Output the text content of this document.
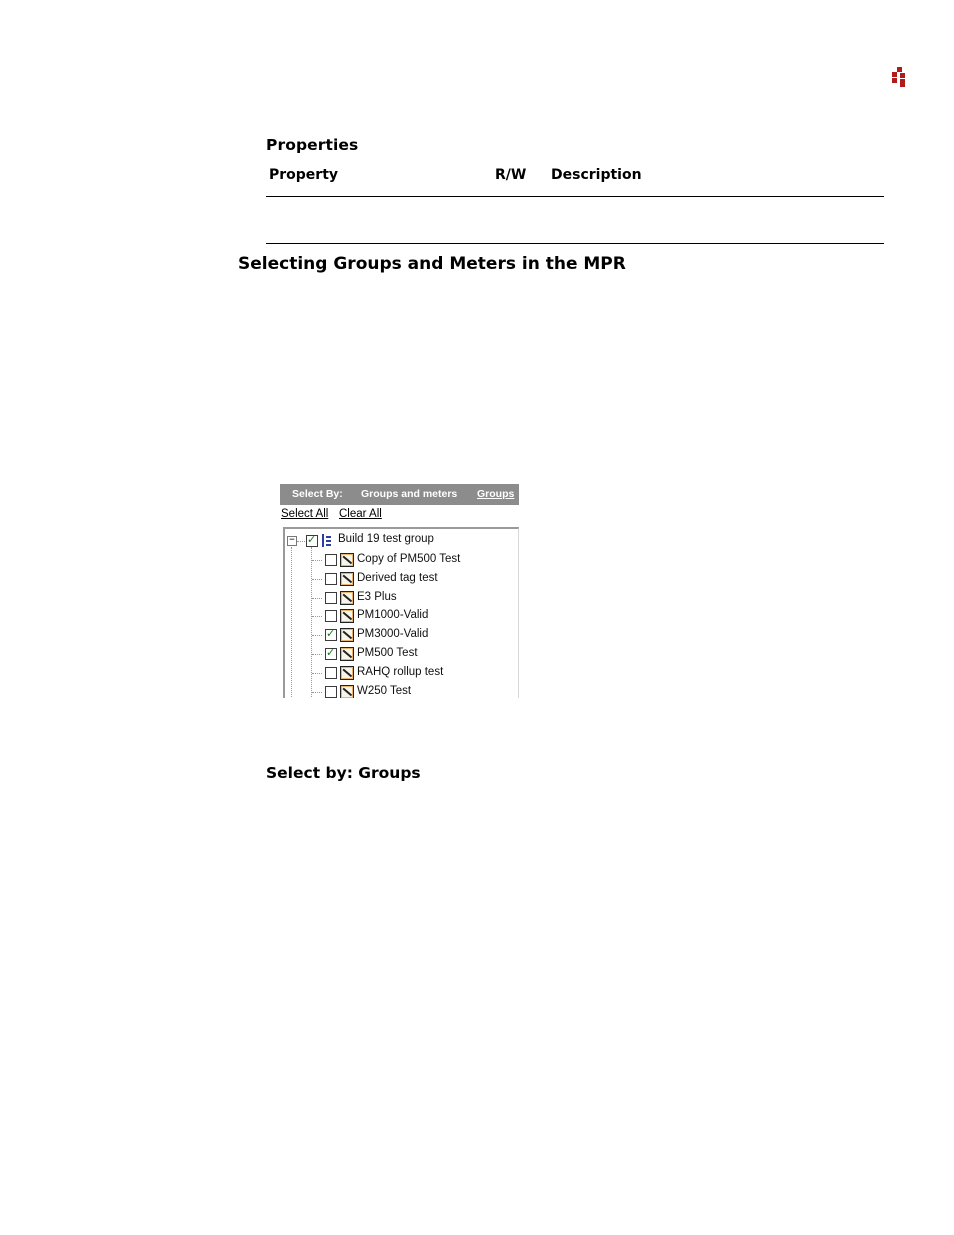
Properties
Property	R/W Description
Selecting Groups and Meters in the MPR
Select By: Groups and meters Groups
Select All Clear All
−
✓	Build 19 test group
Copy of PM500 Test
Derived tag test
E3 Plus
PM1000-Valid
✓
PM3000-Valid
✓
PM500 Test
RAHQ rollup test
W250 Test
Select by: Groups
